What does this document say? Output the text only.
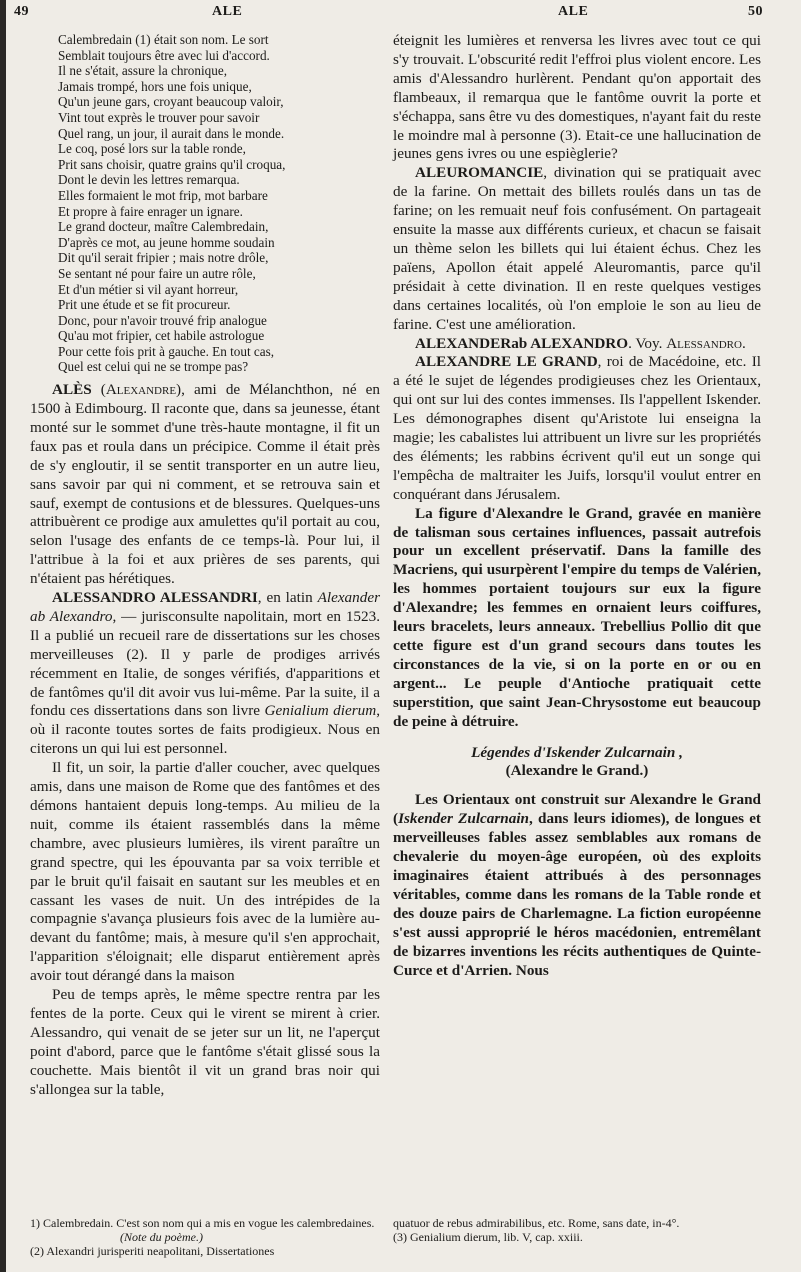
49	ALE	ALE	50
Calembredain (1) était son nom. Le sort
Semblait toujours être avec lui d'accord.
Il ne s'était, assure la chronique,
Jamais trompé, hors une fois unique,
Qu'un jeune gars, croyant beaucoup valoir,
Vint tout exprès le trouver pour savoir
Quel rang, un jour, il aurait dans le monde.
Le coq, posé lors sur la table ronde,
Prit sans choisir, quatre grains qu'il croqua,
Dont le devin les lettres remarqua.
Elles formaient le mot frip, mot barbare
Et propre à faire enrager un ignare.
Le grand docteur, maître Calembredain,
D'après ce mot, au jeune homme soudain
Dit qu'il serait fripier ; mais notre drôle,
Se sentant né pour faire un autre rôle,
Et d'un métier si vil ayant horreur,
Prit une étude et se fit procureur.
Donc, pour n'avoir trouvé frip analogue
Qu'au mot fripier, cet habile astrologue
Pour cette fois prit à gauche. En tout cas,
Quel est celui qui ne se trompe pas?

ALÈS (Alexandre), ami de Mélanchthon, né en 1500 à Edimbourg. Il raconte que, dans sa jeunesse, étant monté sur le sommet d'une très-haute montagne, il fit un faux pas et roula dans un précipice. Comme il était près de s'y engloutir, il se sentit transporter en un autre lieu, sans savoir par qui ni comment, et se retrouva sain et sauf, exempt de contusions et de blessures. Quelques-uns attribuèrent ce prodige aux amulettes qu'il portait au cou, selon l'usage des enfants de ce temps-là. Pour lui, il l'attribue à la foi et aux prières de ses parents, qui n'étaient pas hérétiques.

ALESSANDRO ALESSANDRI, en latin Alexander ab Alexandro, — jurisconsulte napolitain, mort en 1523. Il a publié un recueil rare de dissertations sur les choses merveilleuses (2). Il y parle de prodiges arrivés récemment en Italie, de songes vérifiés, d'apparitions et de fantômes qu'il dit avoir vus lui-même. Par la suite, il a fondu ces dissertations dans son livre Genialium dierum, où il raconte toutes sortes de faits prodigieux. Nous en citerons un qui lui est personnel.

Il fit, un soir, la partie d'aller coucher, avec quelques amis, dans une maison de Rome que des fantômes et des démons hantaient depuis long-temps. Au milieu de la nuit, comme ils étaient rassemblés dans la même chambre, avec plusieurs lumières, ils virent paraître un grand spectre, qui les épouvanta par sa voix terrible et par le bruit qu'il faisait en sautant sur les meubles et en cassant les vases de nuit. Un des intrépides de la compagnie s'avança plusieurs fois avec de la lumière au-devant du fantôme; mais, à mesure qu'il s'en approchait, l'apparition s'éloignait; elle disparut entièrement après avoir tout dérangé dans la maison

Peu de temps après, le même spectre rentra par les fentes de la porte. Ceux qui le virent se mirent à crier. Alessandro, qui venait de se jeter sur un lit, ne l'aperçut point d'abord, parce que le fantôme s'était glissé sous la couchette. Mais bientôt il vit un grand bras noir qui s'allongea sur la table,

1) Calembredain. C'est son nom qui a mis en vogue les calembredaines. (Note du poème.)
(2) Alexandri jurisperiti neapolitani, Dissertationes

éteignit les lumières et renversa les livres avec tout ce qui s'y trouvait. L'obscurité redit l'effroi plus violent encore. Les amis d'Alessandro hurlèrent. Pendant qu'on apportait des flambeaux, il remarqua que le fantôme ouvrit la porte et s'échappa, sans être vu des domestiques, n'ayant fait du reste le moindre mal à personne (3). Etait-ce une hallucination de jeunes gens ivres ou une espièglerie?

ALEUROMANCIE, divination qui se pratiquait avec de la farine. On mettait des billets roulés dans un tas de farine; on les remuait neuf fois confusément. On partageait ensuite la masse aux différents curieux, et chacun se faisait un thème selon les billets qui lui étaient échus. Chez les païens, Apollon était appelé Aleuromantis, parce qu'il présidait à cette divination. Il en reste quelques vestiges dans certaines localités, où l'on emploie le son au lieu de farine. C'est une amélioration.

ALEXANDERab ALEXANDRO. Voy. Alessandro.

ALEXANDRE LE GRAND, roi de Macédoine, etc. Il a été le sujet de légendes prodigieuses chez les Orientaux, qui ont sur lui des contes immenses. Ils l'appellent Iskender. Les démonographes disent qu'Aristote lui enseigna la magie; les cabalistes lui attribuent un livre sur les propriétés des éléments; les rabbins écrivent qu'il eut un songe qui l'empêcha de maltraiter les Juifs, lorsqu'il voulut entrer en conquérant dans Jérusalem.

La figure d'Alexandre le Grand, gravée en manière de talisman sous certaines influences, passait autrefois pour un excellent préservatif. Dans la famille des Macriens, qui usurpèrent l'empire du temps de Valérien, les hommes portaient toujours sur eux la figure d'Alexandre; les femmes en ornaient leurs coiffures, leurs bracelets, leurs anneaux. Trebellius Pollio dit que cette figure est d'un grand secours dans toutes les circonstances de la vie, si on la porte en or ou en argent... Le peuple d'Antioche pratiquait cette superstition, que saint Jean-Chrysostome eut beaucoup de peine à détruire.

Légendes d'Iskender Zulcarnain ,

(Alexandre le Grand.)

Les Orientaux ont construit sur Alexandre le Grand (Iskender Zulcarnain, dans leurs idiomes), de longues et merveilleuses fables assez semblables aux romans de chevalerie du moyen-âge européen, où des exploits imaginaires étaient attribués à des personnages véritables, comme dans les romans de la Table ronde et des douze pairs de Charlemagne. La fiction européenne s'est aussi approprié le héros macédonien, entremêlant de bizarres inventions les récits authentiques de Quinte-Curce et d'Arrien. Nous

quatuor de rebus admirabilibus, etc. Rome, sans date, in-4°.
(3) Genialium dierum, lib. V, cap. xxiii.
